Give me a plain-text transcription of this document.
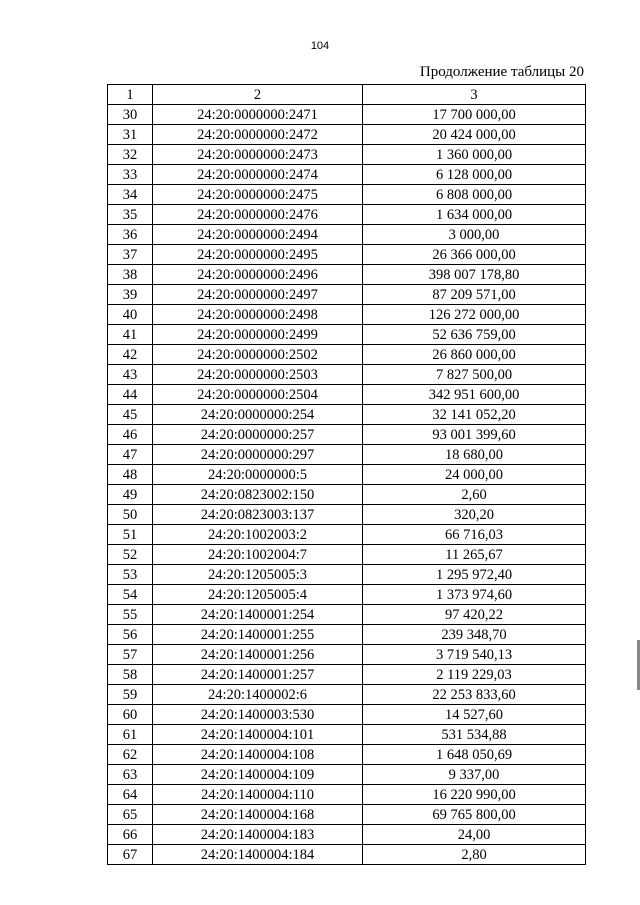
104
Продолжение таблицы 20
1	2	3
30	24:20:0000000:2471	17 700 000,00
31	24:20:0000000:2472	20 424 000,00
32	24:20:0000000:2473	1 360 000,00
33	24:20:0000000:2474	6 128 000,00
34	24:20:0000000:2475	6 808 000,00
35	24:20:0000000:2476	1 634 000,00
36	24:20:0000000:2494	3 000,00
37	24:20:0000000:2495	26 366 000,00
38	24:20:0000000:2496	398 007 178,80
39	24:20:0000000:2497	87 209 571,00
40	24:20:0000000:2498	126 272 000,00
41	24:20:0000000:2499	52 636 759,00
42	24:20:0000000:2502	26 860 000,00
43	24:20:0000000:2503	7 827 500,00
44	24:20:0000000:2504	342 951 600,00
45	24:20:0000000:254	32 141 052,20
46	24:20:0000000:257	93 001 399,60
47	24:20:0000000:297	18 680,00
48	24:20:0000000:5	24 000,00
49	24:20:0823002:150	2,60
50	24:20:0823003:137	320,20
51	24:20:1002003:2	66 716,03
52	24:20:1002004:7	11 265,67
53	24:20:1205005:3	1 295 972,40
54	24:20:1205005:4	1 373 974,60
55	24:20:1400001:254	97 420,22
56	24:20:1400001:255	239 348,70
57	24:20:1400001:256	3 719 540,13
58	24:20:1400001:257	2 119 229,03
59	24:20:1400002:6	22 253 833,60
60	24:20:1400003:530	14 527,60
61	24:20:1400004:101	531 534,88
62	24:20:1400004:108	1 648 050,69
63	24:20:1400004:109	9 337,00
64	24:20:1400004:110	16 220 990,00
65	24:20:1400004:168	69 765 800,00
66	24:20:1400004:183	24,00
67	24:20:1400004:184	2,80
